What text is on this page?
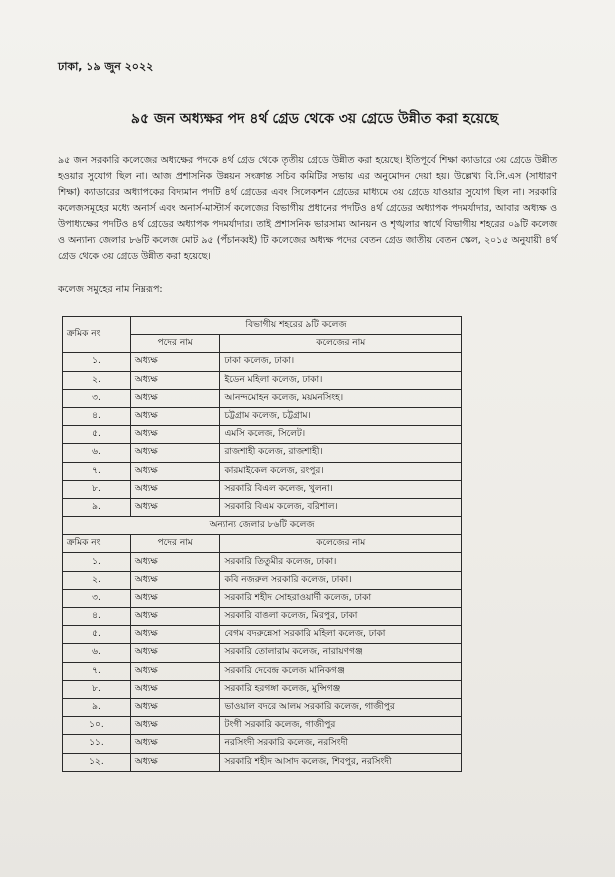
ঢাকা, ১৯ জুন ২০২২
৯৫ জন অধ্যক্ষর পদ ৪র্থ গ্রেড থেকে ৩য় গ্রেডে উন্নীত করা হয়েছে

৯৫ জন সরকারি কলেজের অধ্যক্ষের পদকে ৪র্থ গ্রেড থেকে তৃতীয় গ্রেডে উন্নীত করা হয়েছে। ইতিপূর্বে শিক্ষা ক্যাডারে ৩য় গ্রেডে উন্নীত হওয়ার সুযোগ ছিল না। আজ প্রশাসনিক উন্নয়ন সংক্রান্ত সচিব কমিটির সভায় এর অনুমোদন দেয়া হয়। উল্লেখ্য বি.সি.এস (সাধারণ শিক্ষা) ক্যাডারের অধ্যাপকের বিদ্যমান পদটি ৪র্থ গ্রেডের এবং সিলেকশন গ্রেডের মাধ্যমে ৩য় গ্রেডে যাওয়ার সুযোগ ছিল না। সরকারি কলেজসমূহের মধ্যে অনার্স এবং অনার্স-মাস্টার্স কলেজের বিভাগীয় প্রধানের পদটিও ৪র্থ গ্রেডের অধ্যাপক পদমর্যাদার, আবার অধ্যক্ষ ও উপাধ্যক্ষের পদটিও ৪র্থ গ্রেডের অধ্যাপক পদমর্যাদার। তাই প্রশাসনিক ভারসাম্য আনয়ন ও শৃঙ্খলার স্বার্থে বিভাগীয় শহরের ০৯টি কলেজ ও অন্যান্য জেলার ৮৬টি কলেজ মোট ৯৫ (পঁচানব্বই) টি কলেজের অধ্যক্ষ পদের বেতন গ্রেড জাতীয় বেতন স্কেল, ২০১৫ অনুযায়ী ৪র্থ গ্রেড থেকে ৩য় গ্রেডে উন্নীত করা হয়েছে।

কলেজ সমুহের নাম নিম্নরূপ:
ক্রমিক নং	বিভাগীয় শহরের ৯টি কলেজ	
	পদের নাম	কলেজের নাম
১.	অধ্যক্ষ	ঢাকা কলেজ, ঢাকা।
২.	অধ্যক্ষ	ইডেন মহিলা কলেজ, ঢাকা।
৩.	অধ্যক্ষ	আনন্দমোহন কলেজ, ময়মনসিংহ।
৪.	অধ্যক্ষ	চট্টগ্রাম কলেজ, চট্টগ্রাম।
৫.	অধ্যক্ষ	এমসি কলেজ, সিলেট।
৬.	অধ্যক্ষ	রাজশাহী কলেজ, রাজশাহী।
৭.	অধ্যক্ষ	কারমাইকেল কলেজ, রংপুর।
৮.	অধ্যক্ষ	সরকারি বিএল কলেজ, খুলনা।
৯.	অধ্যক্ষ	সরকারি বিএম কলেজ, বরিশাল।
অন্যান্য জেলার ৮৬টি কলেজ		
ক্রমিক নং	পদের নাম	কলেজের নাম
১.	অধ্যক্ষ	সরকারি তিতুমীর কলেজ, ঢাকা।
২.	অধ্যক্ষ	কবি নজরুল সরকারি কলেজ, ঢাকা।
৩.	অধ্যক্ষ	সরকারি শহীদ সোহরাওয়ার্দী কলেজ, ঢাকা
৪.	অধ্যক্ষ	সরকারি বাঙলা কলেজ, মিরপুর, ঢাকা
৫.	অধ্যক্ষ	বেগম বদরুন্নেসা সরকারি মহিলা কলেজ, ঢাকা
৬.	অধ্যক্ষ	সরকারি তোলারাম কলেজ, নারায়ণগঞ্জ
৭.	অধ্যক্ষ	সরকারি দেবেন্দ্র কলেজ মানিকগঞ্জ
৮.	অধ্যক্ষ	সরকারি হরগঙ্গা কলেজ, মুন্সিগঞ্জ
৯.	অধ্যক্ষ	ভাওয়াল বদরে আলম সরকারি কলেজ, গাজীপুর
১০.	অধ্যক্ষ	টংগী সরকারি কলেজ, গাজীপুর
১১.	অধ্যক্ষ	নরসিংদী সরকারি কলেজ, নরসিংদী
১২.	অধ্যক্ষ	সরকারি শহীদ আসাদ কলেজ, শিবপুর, নরসিংদী
